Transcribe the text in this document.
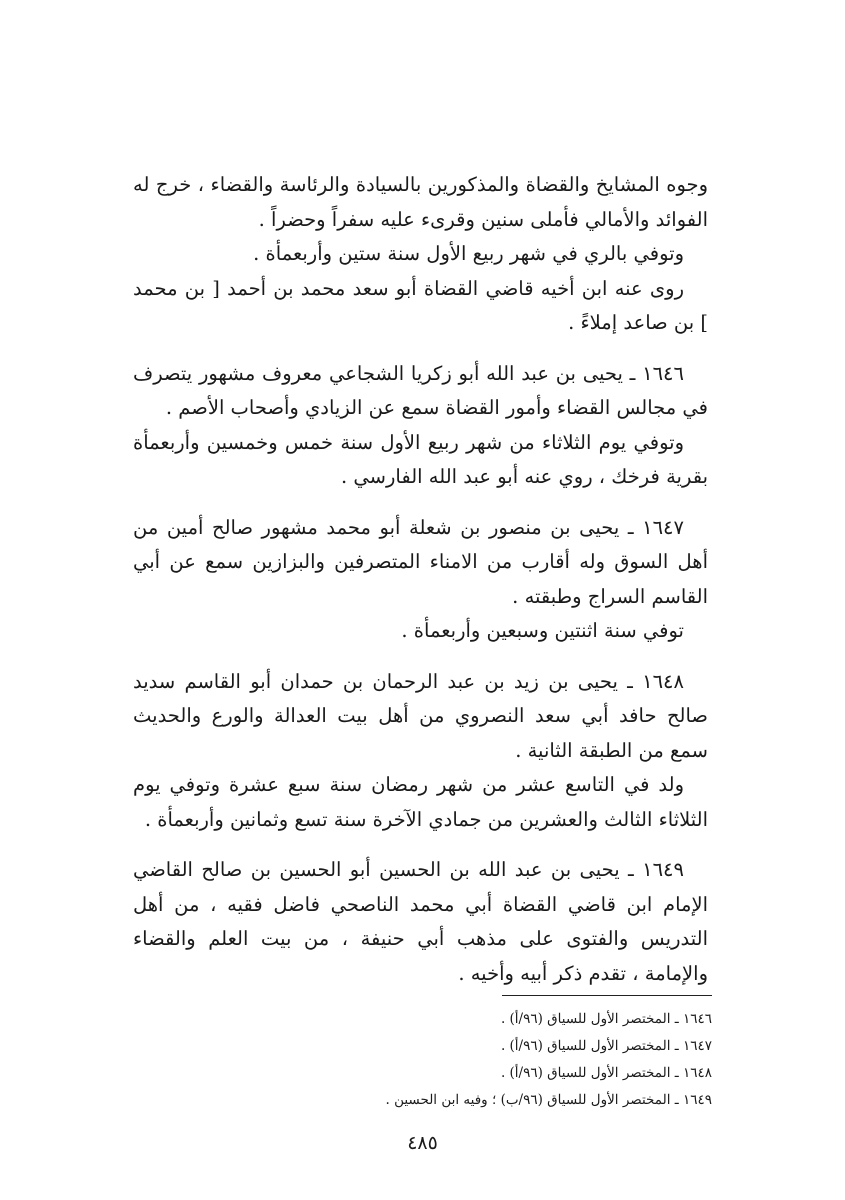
وجوه المشايخ والقضاة والمذكورين بالسيادة والرئاسة والقضاء ، خرج له الفوائد والأمالي فأملى سنين وقرىء عليه سفراً وحضراً .

وتوفي بالري في شهر ربيع الأول سنة ستين وأربعمأة .

روى عنه ابن أخيه قاضي القضاة أبو سعد محمد بن أحمد [ بن محمد ] بن صاعد إملاءً .

١٦٤٦ ـ يحيى بن عبد الله أبو زكريا الشجاعي معروف مشهور يتصرف في مجالس القضاء وأمور القضاة سمع عن الزيادي وأصحاب الأصم .

وتوفي يوم الثلاثاء من شهر ربيع الأول سنة خمس وخمسين وأربعمأة بقرية فرخك ، روي عنه أبو عبد الله الفارسي .

١٦٤٧ ـ يحيى بن منصور بن شعلة أبو محمد مشهور صالح أمين من أهل السوق وله أقارب من الامناء المتصرفين والبزازين سمع عن أبي القاسم السراج وطبقته .

توفي سنة اثنتين وسبعين وأربعمأة .

١٦٤٨ ـ يحيى بن زيد بن عبد الرحمان بن حمدان أبو القاسم سديد صالح حافد أبي سعد النصروي من أهل بيت العدالة والورع والحديث سمع من الطبقة الثانية .

ولد في التاسع عشر من شهر رمضان سنة سبع عشرة وتوفي يوم الثلاثاء الثالث والعشرين من جمادي الآخرة سنة تسع وثمانين وأربعمأة .

١٦٤٩ ـ يحيى بن عبد الله بن الحسين أبو الحسين بن صالح القاضي الإمام ابن قاضي القضاة أبي محمد الناصحي فاضل فقيه ، من أهل التدريس والفتوى على مذهب أبي حنيفة ، من بيت العلم والقضاء والإمامة ، تقدم ذكر أبيه وأخيه .

١٦٤٦ ـ المختصر الأول للسياق (٩٦/أ) .

١٦٤٧ ـ المختصر الأول للسياق (٩٦/أ) .

١٦٤٨ ـ المختصر الأول للسياق (٩٦/أ) .

١٦٤٩ ـ المختصر الأول للسياق (٩٦/ب) ؛ وفيه ابن الحسين .

٤٨٥
